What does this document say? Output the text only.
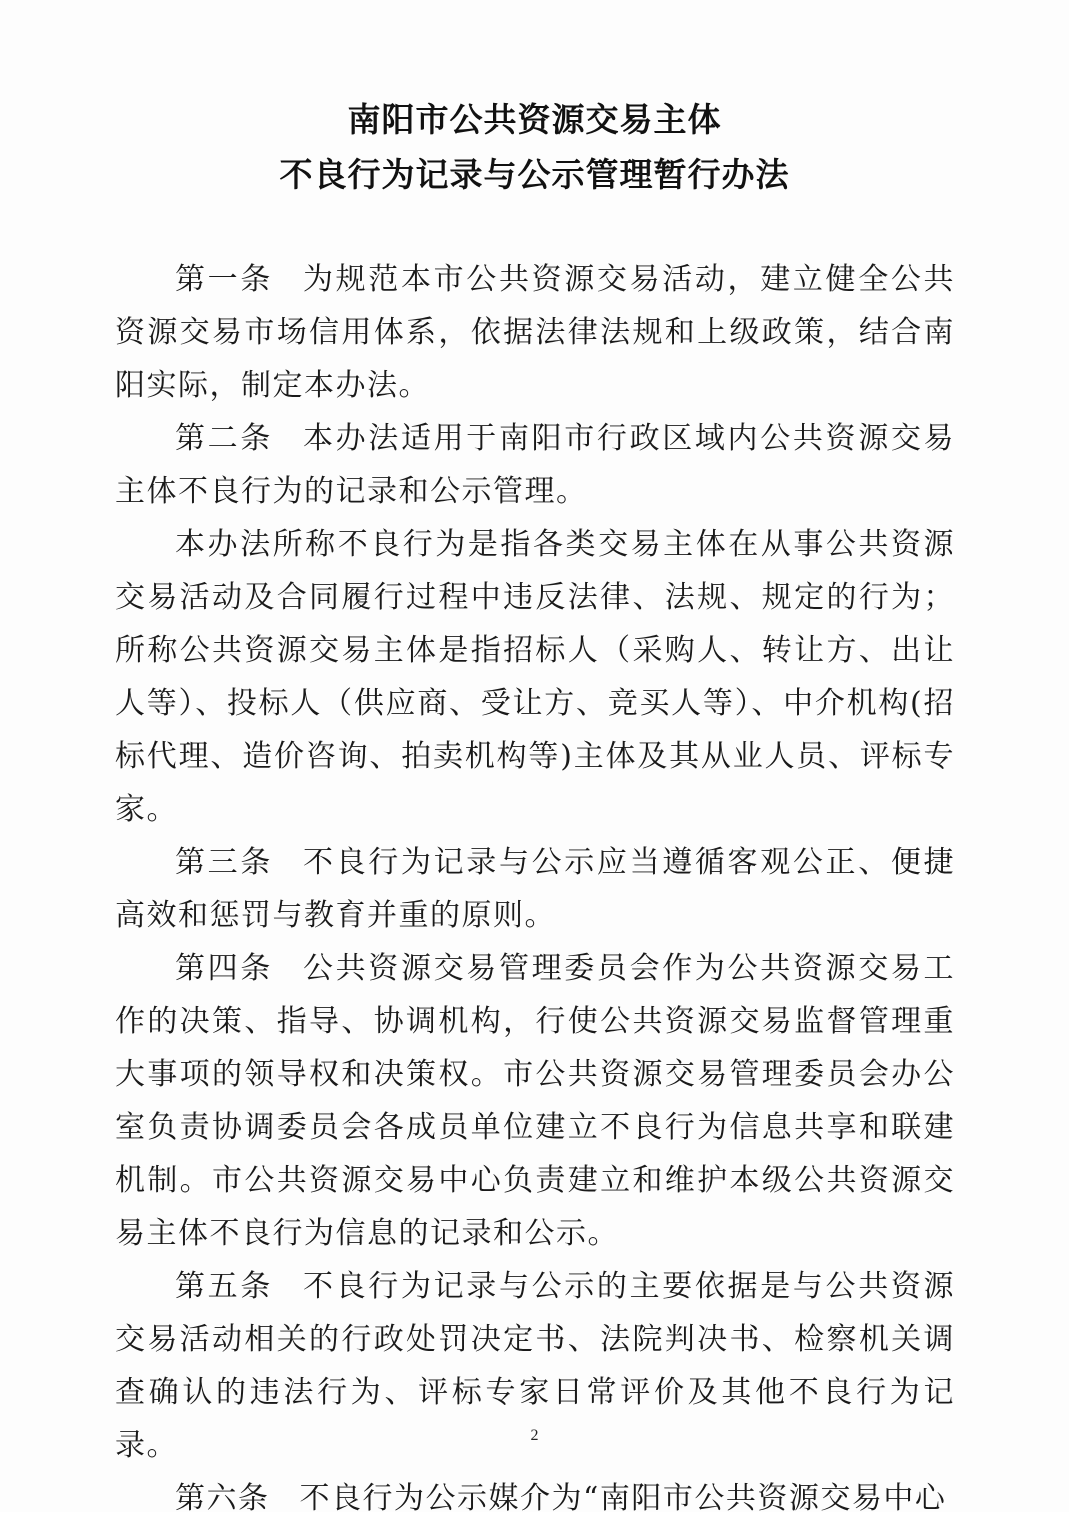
南阳市公共资源交易主体
不良行为记录与公示管理暂行办法

第一条 为规范本市公共资源交易活动，建立健全公共资源交易市场信用体系，依据法律法规和上级政策，结合南阳实际，制定本办法。

第二条 本办法适用于南阳市行政区域内公共资源交易主体不良行为的记录和公示管理。

本办法所称不良行为是指各类交易主体在从事公共资源交易活动及合同履行过程中违反法律、法规、规定的行为；所称公共资源交易主体是指招标人（采购人、转让方、出让人等）、投标人（供应商、受让方、竞买人等）、中介机构(招标代理、造价咨询、拍卖机构等)主体及其从业人员、评标专家。

第三条 不良行为记录与公示应当遵循客观公正、便捷高效和惩罚与教育并重的原则。

第四条 公共资源交易管理委员会作为公共资源交易工作的决策、指导、协调机构，行使公共资源交易监督管理重大事项的领导权和决策权。市公共资源交易管理委员会办公室负责协调委员会各成员单位建立不良行为信息共享和联建机制。市公共资源交易中心负责建立和维护本级公共资源交易主体不良行为信息的记录和公示。

第五条 不良行为记录与公示的主要依据是与公共资源交易活动相关的行政处罚决定书、法院判决书、检察机关调查确认的违法行为、评标专家日常评价及其他不良行为记录。

第六条 不良行为公示媒介为“南阳市公共资源交易中心

2
